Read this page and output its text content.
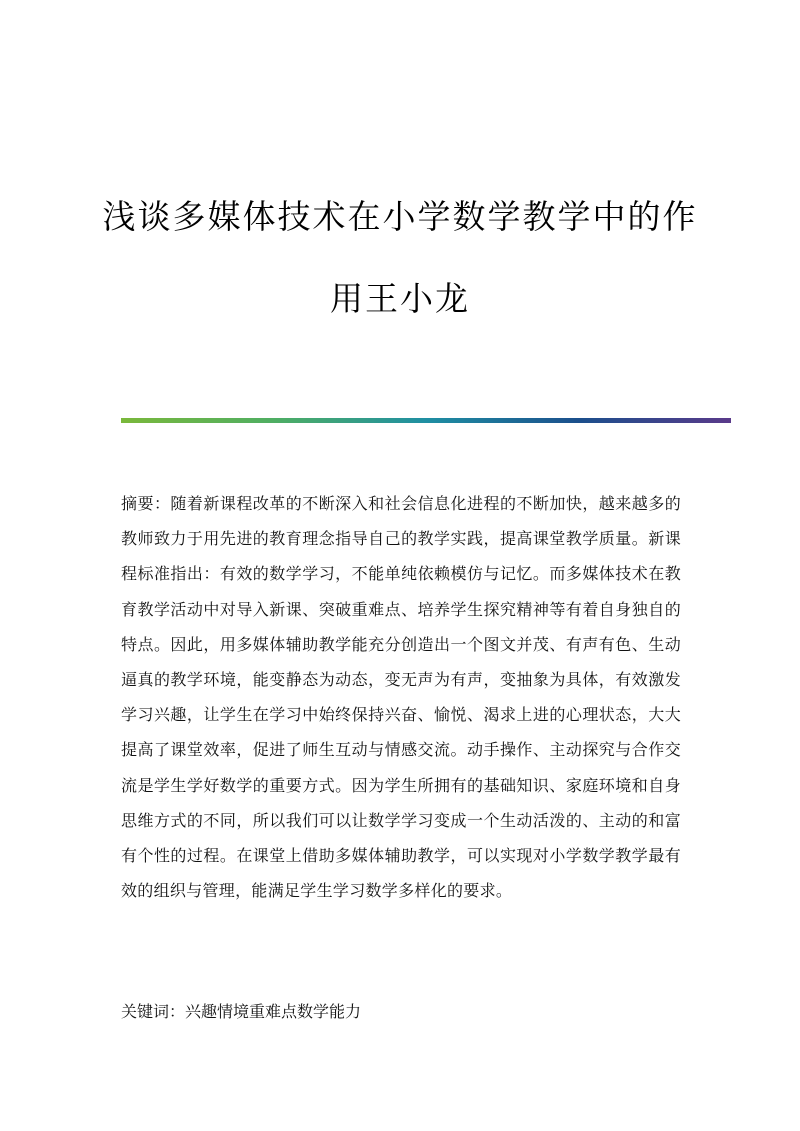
浅谈多媒体技术在小学数学教学中的作
用王小龙
摘要：随着新课程改革的不断深入和社会信息化进程的不断加快，越来越多的
教师致力于用先进的教育理念指导自己的教学实践，提高课堂教学质量。新课
程标准指出：有效的数学学习，不能单纯依赖模仿与记忆。而多媒体技术在教
育教学活动中对导入新课、突破重难点、培养学生探究精神等有着自身独自的
特点。因此，用多媒体辅助教学能充分创造出一个图文并茂、有声有色、生动
逼真的教学环境，能变静态为动态，变无声为有声，变抽象为具体，有效激发
学习兴趣，让学生在学习中始终保持兴奋、愉悦、渴求上进的心理状态，大大
提高了课堂效率，促进了师生互动与情感交流。动手操作、主动探究与合作交
流是学生学好数学的重要方式。因为学生所拥有的基础知识、家庭环境和自身
思维方式的不同，所以我们可以让数学学习变成一个生动活泼的、主动的和富
有个性的过程。在课堂上借助多媒体辅助教学，可以实现对小学数学教学最有
效的组织与管理，能满足学生学习数学多样化的要求。
关键词：兴趣情境重难点数学能力
